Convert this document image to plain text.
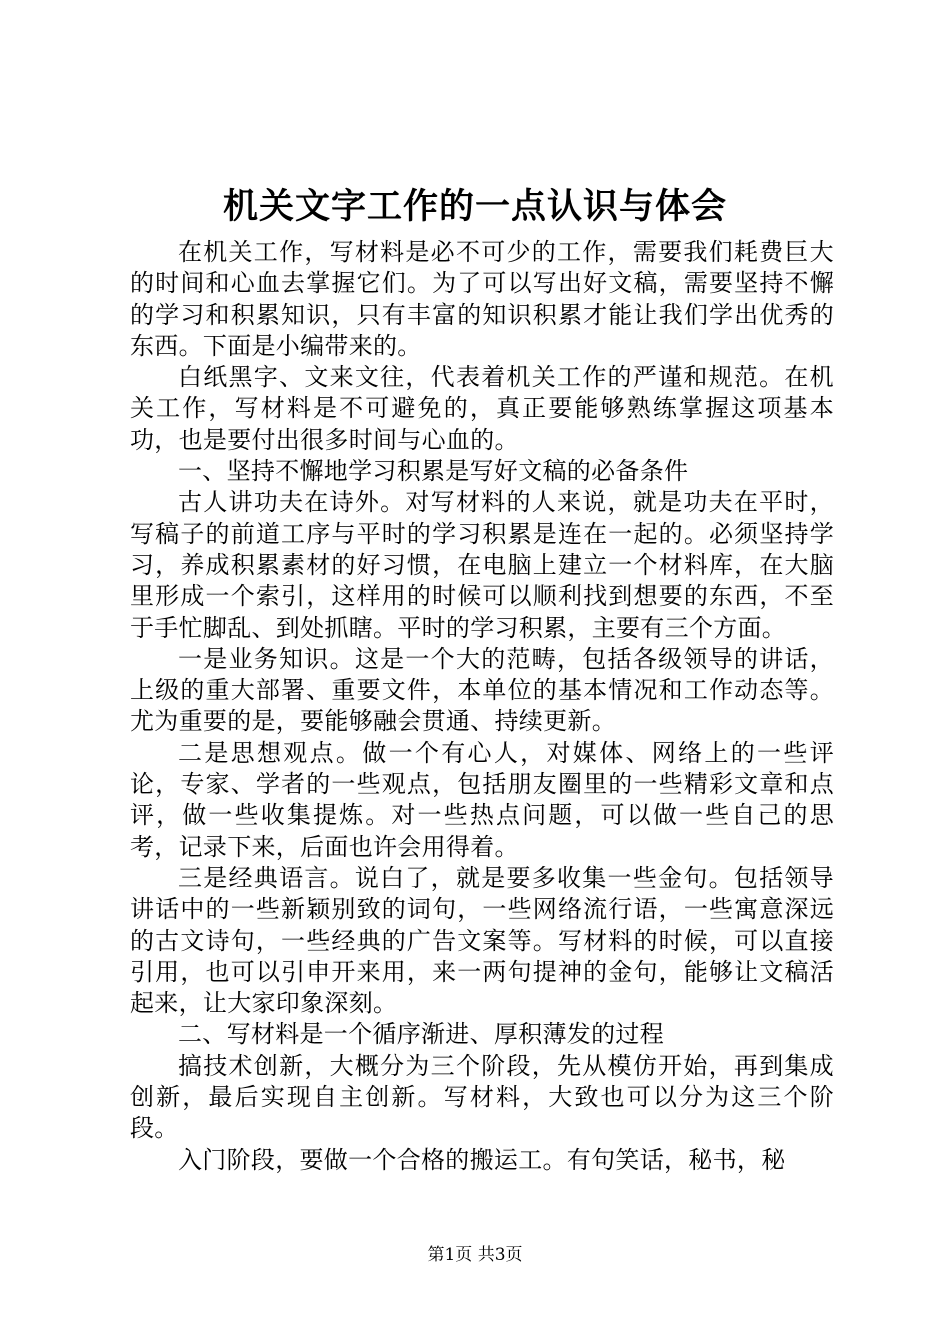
机关文字工作的一点认识与体会

在机关工作，写材料是必不可少的工作，需要我们耗费巨大的时间和心血去掌握它们。为了可以写出好文稿，需要坚持不懈的学习和积累知识，只有丰富的知识积累才能让我们学出优秀的东西。下面是小编带来的。

白纸黑字、文来文往，代表着机关工作的严谨和规范。在机关工作，写材料是不可避免的，真正要能够熟练掌握这项基本功，也是要付出很多时间与心血的。

一、坚持不懈地学习积累是写好文稿的必备条件

古人讲功夫在诗外。对写材料的人来说，就是功夫在平时，写稿子的前道工序与平时的学习积累是连在一起的。必须坚持学习，养成积累素材的好习惯，在电脑上建立一个材料库，在大脑里形成一个索引，这样用的时候可以顺利找到想要的东西，不至于手忙脚乱、到处抓瞎。平时的学习积累，主要有三个方面。

一是业务知识。这是一个大的范畴，包括各级领导的讲话，上级的重大部署、重要文件，本单位的基本情况和工作动态等。尤为重要的是，要能够融会贯通、持续更新。

二是思想观点。做一个有心人，对媒体、网络上的一些评论，专家、学者的一些观点，包括朋友圈里的一些精彩文章和点评，做一些收集提炼。对一些热点问题，可以做一些自己的思考，记录下来，后面也许会用得着。

三是经典语言。说白了，就是要多收集一些金句。包括领导讲话中的一些新颖别致的词句，一些网络流行语，一些寓意深远的古文诗句，一些经典的广告文案等。写材料的时候，可以直接引用，也可以引申开来用，来一两句提神的金句，能够让文稿活起来，让大家印象深刻。

二、写材料是一个循序渐进、厚积薄发的过程

搞技术创新，大概分为三个阶段，先从模仿开始，再到集成创新，最后实现自主创新。写材料，大致也可以分为这三个阶段。

入门阶段，要做一个合格的搬运工。有句笑话，秘书，秘

第1页 共3页
